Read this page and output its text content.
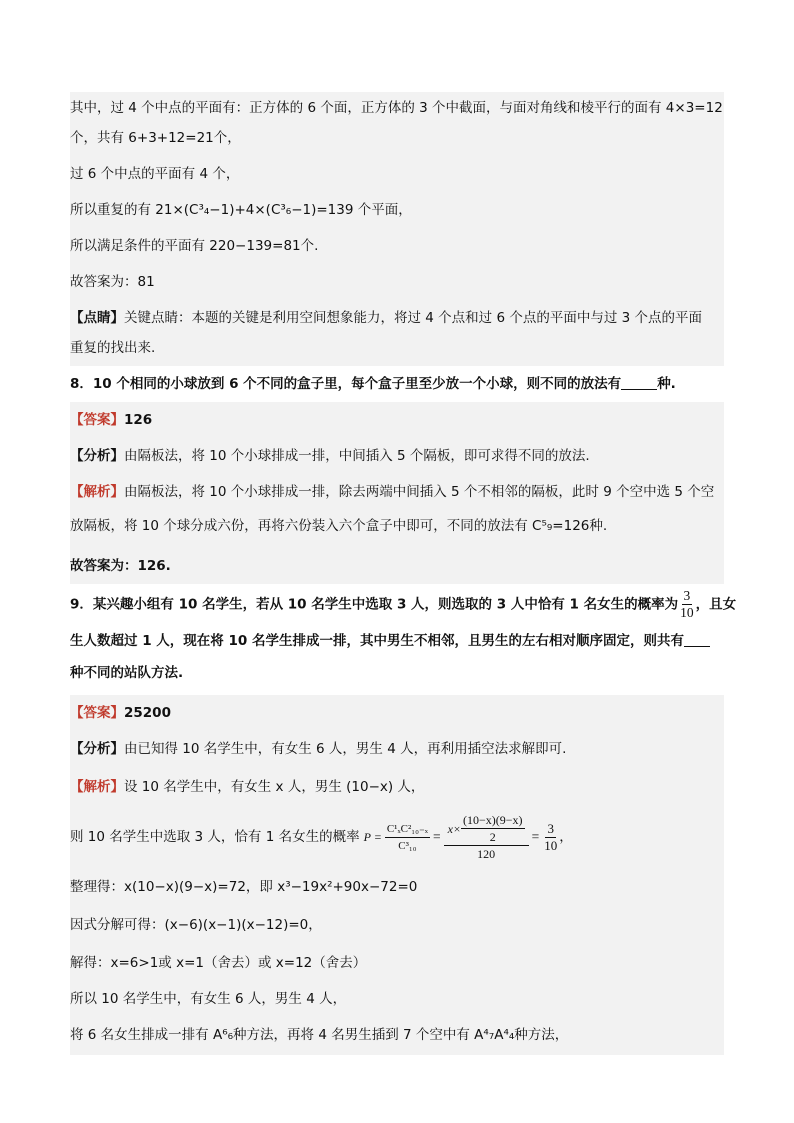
其中，过 4 个中点的平面有：正方体的 6 个面，正方体的 3 个中截面，与面对角线和棱平行的面有 4×3=12
个，共有 6+3+12=21个，
过 6 个中点的平面有 4 个，
所以重复的有 21×(C³₄−1)+4×(C³₆−1)=139 个平面，
所以满足条件的平面有 220−139=81个.
故答案为：81
【点睛】关键点睛：本题的关键是利用空间想象能力，将过 4 个点和过 6 个点的平面中与过 3 个点的平面
重复的找出来.
8．10 个相同的小球放到 6 个不同的盒子里，每个盒子里至少放一个小球，则不同的放法有	种.
【答案】126
【分析】由隔板法，将 10 个小球排成一排，中间插入 5 个隔板，即可求得不同的放法.
【解析】由隔板法，将 10 个小球排成一排，除去两端中间插入 5 个不相邻的隔板，此时 9 个空中选 5 个空
放隔板，将 10 个球分成六份，再将六份装入六个盒子中即可，不同的放法有 C⁵₉=126种.
故答案为：126.
9．某兴趣小组有 10 名学生，若从 10 名学生中选取 3 人，则选取的 3 人中恰有 1 名女生的概率为 $\frac{3}{10}$ ，且女
生人数超过 1 人，现在将 10 名学生排成一排，其中男生不相邻，且男生的左右相对顺序固定，则共有
种不同的站队方法.
【答案】25200
【分析】由已知得 10 名学生中，有女生 6 人，男生 4 人，再利用插空法求解即可.
【解析】设 10 名学生中，有女生 x 人，男生 (10−x) 人，
则 10 名学生中选取 3 人，恰有 1 名女生的概率 $P = \frac{\text{C¹ₓC²₁₀₋ₓ}}{\text{C³₁₀}} = \frac{x\times \frac{(10-x)(9-x)}{2}}{120} = \frac{3}{10}$ ，
整理得：x(10−x)(9−x)=72，即 x³−19x²+90x−72=0
因式分解可得：(x−6)(x−1)(x−12)=0，
解得：x=6>1或 x=1（舍去）或 x=12（舍去）
所以 10 名学生中，有女生 6 人，男生 4 人，
将 6 名女生排成一排有 A⁶₆种方法，再将 4 名男生插到 7 个空中有 A⁴₇A⁴₄种方法，
